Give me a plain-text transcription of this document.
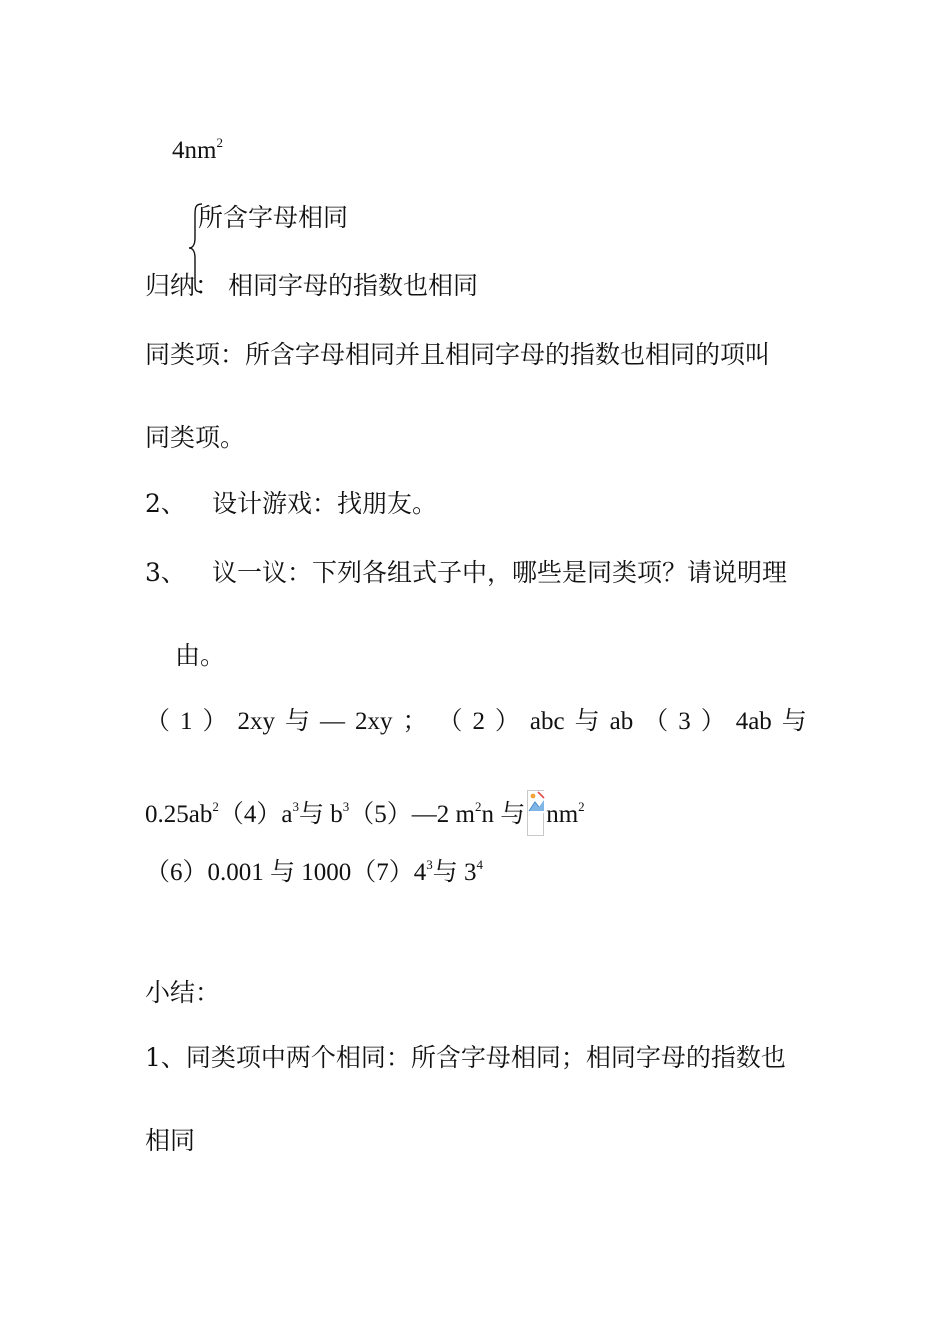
$4nm^2$
所含字母相同
归纳： 相同字母的指数也相同
同类项：所含字母相同并且相同字母的指数也相同的项叫
同类项。
2、 设计游戏：找朋友。
3、 议一议：下列各组式子中，哪些是同类项？请说明理
由。
（ 1 ） 2xy 与 — 2xy ； （ 2 ） abc 与 ab （ 3 ） 4ab 与
$0.25ab^2(4)a^3$与 $b^3(5)—2$ $m^2n$ 与 $nm^2$
（6）0.001 与 $1000(7)4^3$与 $3^4$
小结：
1、同类项中两个相同：所含字母相同；相同字母的指数也
相同
